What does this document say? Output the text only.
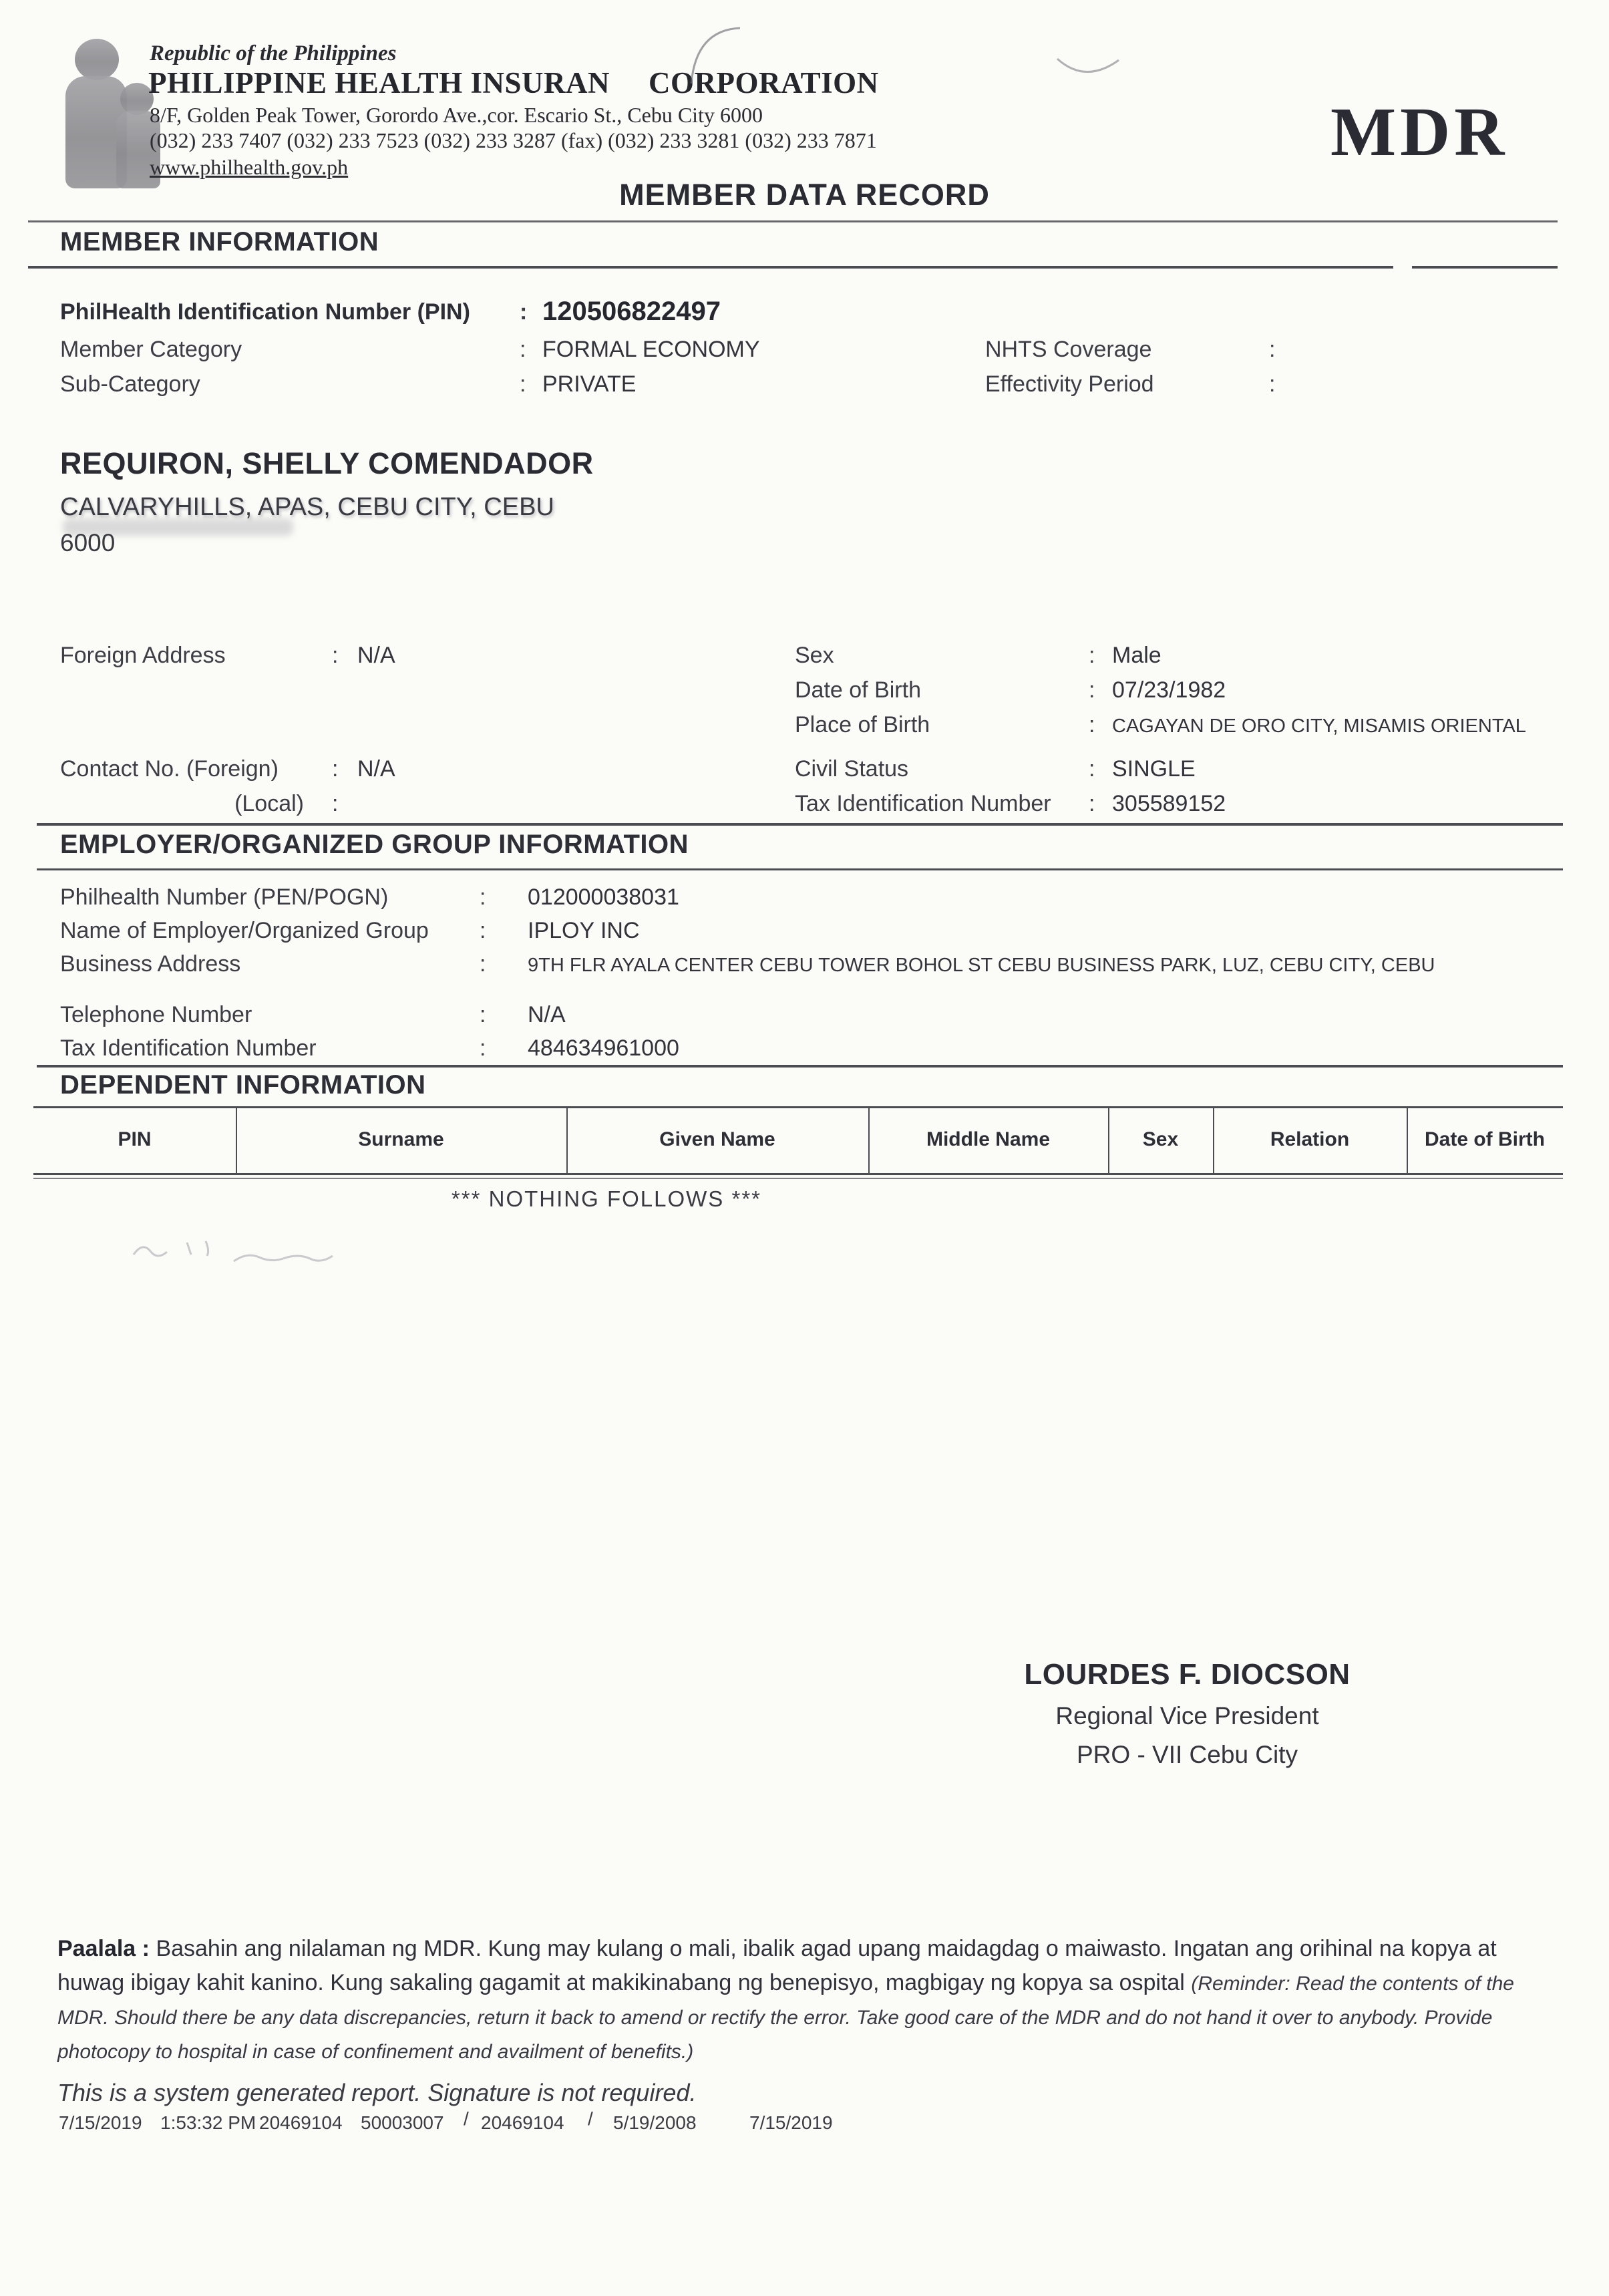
Republic of the Philippines
PHILIPPINE HEALTH INSURAN CORPORATION
8/F, Golden Peak Tower, Gorordo Ave.,cor. Escario St., Cebu City 6000
(032) 233 7407 (032) 233 7523 (032) 233 3287 (fax) (032) 233 3281 (032) 233 7871
www.philhealth.gov.ph	MDR
MEMBER DATA RECORD
MEMBER INFORMATION
PhilHealth Identification Number (PIN) : 120506822497
Member Category	: FORMAL ECONOMY	NHTS Coverage	:
Sub-Category	: PRIVATE	Effectivity Period	:
REQUIRON, SHELLY COMENDADOR
CALVARYHILLS, APAS, CEBU CITY, CEBU
6000
Foreign Address	: N/A	Sex	: Male
Date of Birth	: 07/23/1982
Place of Birth	: CAGAYAN DE ORO CITY, MISAMIS ORIENTAL
Contact No. (Foreign) : N/A	Civil Status	: SINGLE
(Local) :	Tax Identification Number : 305589152
EMPLOYER/ORGANIZED GROUP INFORMATION
Philhealth Number (PEN/POGN)	: 012000038031
Name of Employer/Organized Group : IPLOY INC
Business Address	: 9TH FLR AYALA CENTER CEBU TOWER BOHOL ST CEBU BUSINESS PARK, LUZ, CEBU CITY, CEBU
Telephone Number	: N/A
Tax Identification Number	: 484634961000
DEPENDENT INFORMATION
PIN	Surname	Given Name	Middle Name	Sex	Relation	Date of Birth
*** NOTHING FOLLOWS ***
LOURDES F. DIOCSON
Regional Vice President
PRO - VII Cebu City
Paalala : Basahin ang nilalaman ng MDR. Kung may kulang o mali, ibalik agad upang maidagdag o maiwasto. Ingatan ang orihinal na kopya at huwag ibigay kahit kanino. Kung sakaling gagamit at makikinabang ng benepisyo, magbigay ng kopya sa ospital (Reminder: Read the contents of the MDR. Should there be any data discrepancies, return it back to amend or rectify the error. Take good care of the MDR and do not hand it over to anybody. Provide photocopy to hospital in case of confinement and availment of benefits.)
This is a system generated report. Signature is not required.
7/15/2019 1:53:32 PM 20469104 50003007 / 20469104 / 5/19/2008	7/15/2019
